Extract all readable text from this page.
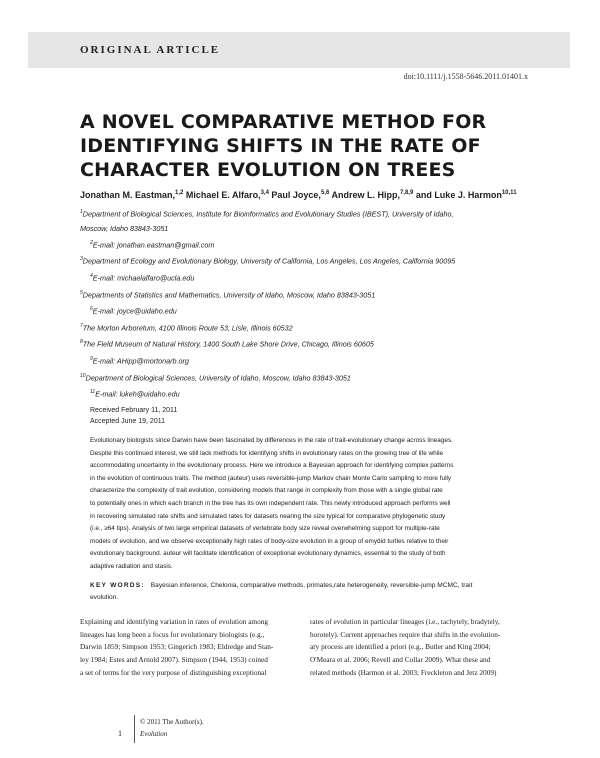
ORIGINAL ARTICLE
doi:10.1111/j.1558-5646.2011.01401.x
A NOVEL COMPARATIVE METHOD FOR
IDENTIFYING SHIFTS IN THE RATE OF
CHARACTER EVOLUTION ON TREES
Jonathan M. Eastman,$^{1,2}$ Michael E. Alfaro,$^{3,4}$ Paul Joyce,$^{5,6}$ Andrew L. Hipp,$^{7,8,9}$ and Luke J. Harmon$^{10,11}$
$^1$Department of Biological Sciences, Institute for Bioinformatics and Evolutionary Studies (IBEST), University of Idaho,
Moscow, Idaho 83843-3051
$^2$E-mail: jonathan.eastman@gmail.com
$^3$Department of Ecology and Evolutionary Biology, University of California, Los Angeles, Los Angeles, California 90095
$^4$E-mail: michaelalfaro@ucla.edu
$^5$Departments of Statistics and Mathematics, University of Idaho, Moscow, Idaho 83843-3051
$^6$E-mail: joyce@uidaho.edu
$^7$The Morton Arboretum, 4100 Illinois Route 53, Lisle, Illinois 60532
$^8$The Field Museum of Natural History, 1400 South Lake Shore Drive, Chicago, Illinois 60605
$^9$E-mail: AHipp@mortonarb.org
$^{10}$Department of Biological Sciences, University of Idaho, Moscow, Idaho 83843-3051
$^{11}$E-mail: lukeh@uidaho.edu
Received February 11, 2011
Accepted June 19, 2011
Evolutionary biologists since Darwin have been fascinated by differences in the rate of trait-evolutionary change across lineages.
Despite this continued interest, we still lack methods for identifying shifts in evolutionary rates on the growing tree of life while
accommodating uncertainty in the evolutionary process. Here we introduce a Bayesian approach for identifying complex patterns
in the evolution of continuous traits. The method (auteur) uses reversible-jump Markov chain Monte Carlo sampling to more fully
characterize the complexity of trait evolution, considering models that range in complexity from those with a single global rate
to potentially ones in which each branch in the tree has its own independent rate. This newly introduced approach performs well
in recovering simulated rate shifts and simulated rates for datasets nearing the size typical for comparative phylogenetic study
(i.e., ≥64 tips). Analysis of two large empirical datasets of vertebrate body size reveal overwhelming support for multiple-rate
models of evolution, and we observe exceptionally high rates of body-size evolution in a group of emydid turtles relative to their
evolutionary background. auteur will facilitate identification of exceptional evolutionary dynamics, essential to the study of both
adaptive radiation and stasis.
KEY WORDS: Bayesian inference, Chelonia, comparative methods, primates,rate heterogeneity, reversible-jump MCMC, trait
evolution.
Explaining and identifying variation in rates of evolution among
lineages has long been a focus for evolutionary biologists (e.g.,
Darwin 1859; Simpson 1953; Gingerich 1983; Eldredge and Stan-
ley 1984; Estes and Arnold 2007). Simpson (1944, 1953) coined
a set of terms for the very purpose of distinguishing exceptional
rates of evolution in particular lineages (i.e., tachytely, bradytely,
horotely). Current approaches require that shifts in the evolution-
ary process are identified a priori (e.g., Butler and King 2004;
O'Meara et al. 2006; Revell and Collar 2009). What these and
related methods (Harmon et al. 2003; Freckleton and Jetz 2009)
1
© 2011 The Author(s).
Evolution
